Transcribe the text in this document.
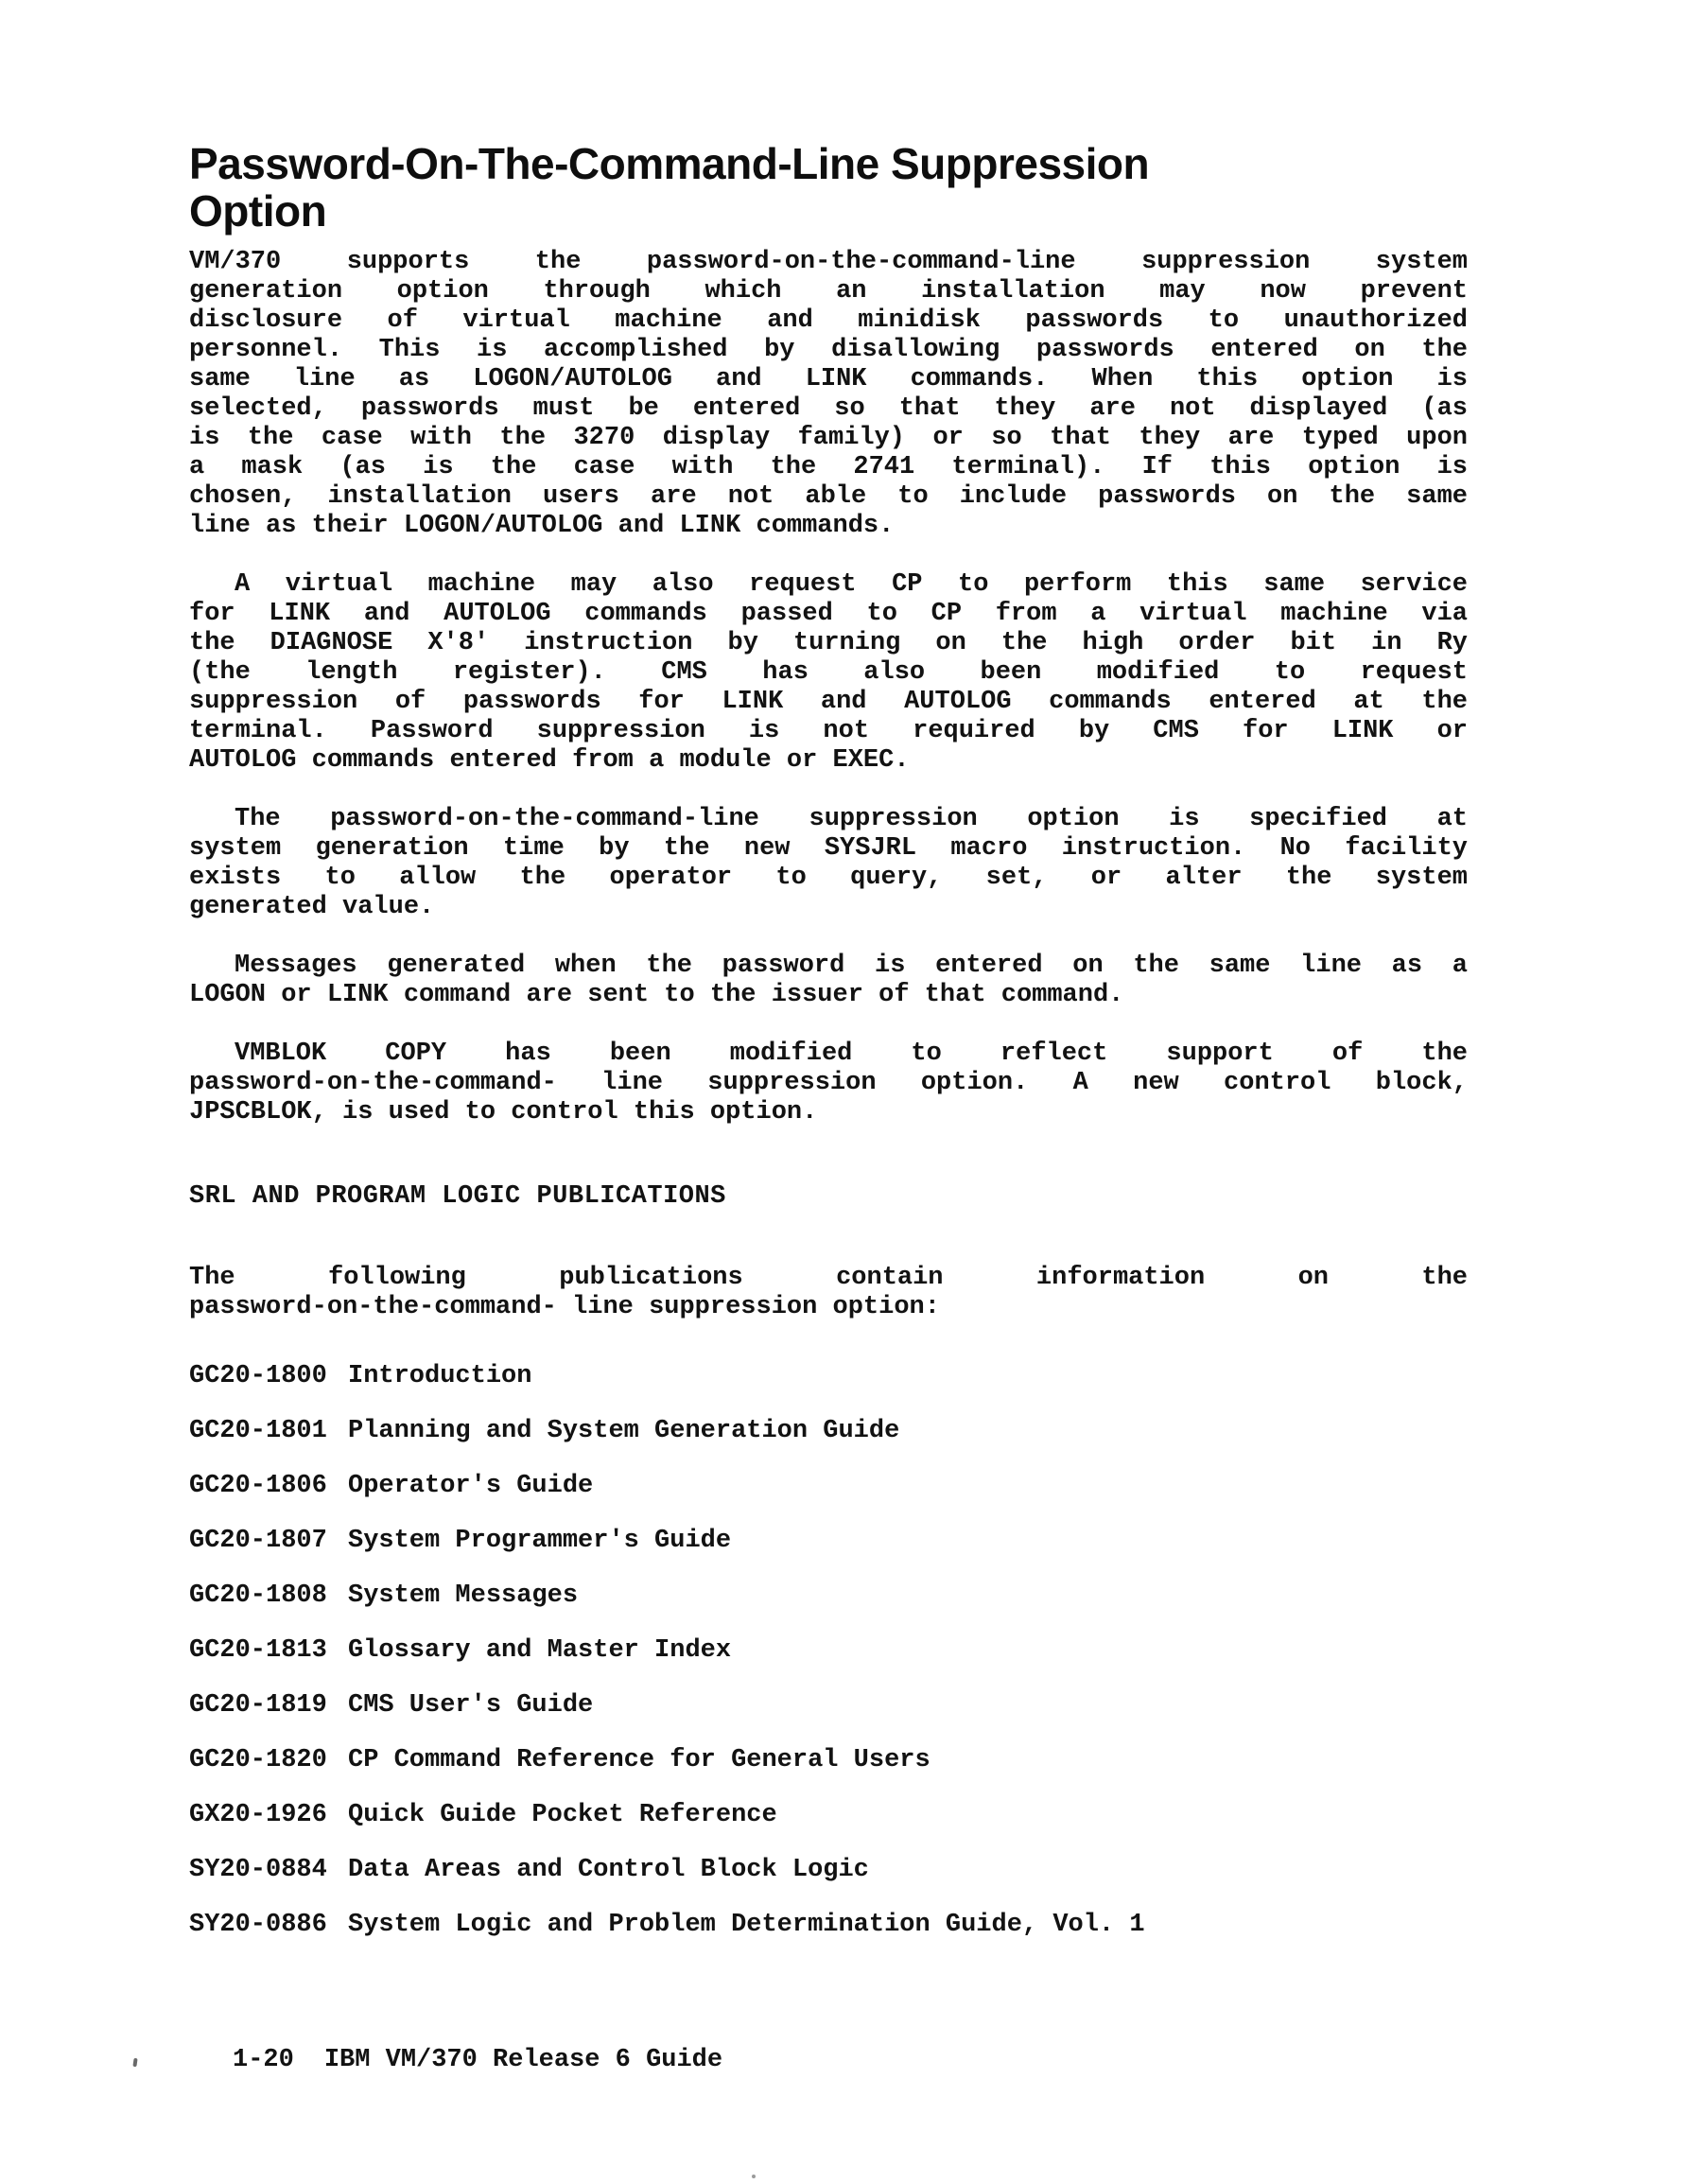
Password-On-The-Command-Line Suppression
Option
VM/370 supports the password-on-the-command-line suppression system
generation option through which an installation may now prevent
disclosure of virtual machine and minidisk passwords to unauthorized
personnel. This is accomplished by disallowing passwords entered on the
same line as LOGON/AUTOLOG and LINK commands. When this option is
selected, passwords must be entered so that they are not displayed (as
is the case with the 3270 display family) or so that they are typed upon
a mask (as is the case with the 2741 terminal). If this option is
chosen, installation users are not able to include passwords on the same
line as their LOGON/AUTOLOG and LINK commands.
A virtual machine may also request CP to perform this same service
for LINK and AUTOLOG commands passed to CP from a virtual machine via
the DIAGNOSE X'8' instruction by turning on the high order bit in Ry
(the length register). CMS has also been modified to request
suppression of passwords for LINK and AUTOLOG commands entered at the
terminal. Password suppression is not required by CMS for LINK or
AUTOLOG commands entered from a module or EXEC.
The password-on-the-command-line suppression option is specified at
system generation time by the new SYSJRL macro instruction. No facility
exists to allow the operator to query, set, or alter the system
generated value.
Messages generated when the password is entered on the same line as a
LOGON or LINK command are sent to the issuer of that command.
VMBLOK COPY has been modified to reflect support of the
password-on-the-command- line suppression option. A new control block,
JPSCBLOK, is used to control this option.
SRL AND PROGRAM LOGIC PUBLICATIONS
The following publications contain information on the
password-on-the-command- line suppression option:
GC20-1800 Introduction
GC20-1801 Planning and System Generation Guide
GC20-1806 Operator's Guide
GC20-1807 System Programmer's Guide
GC20-1808 System Messages
GC20-1813 Glossary and Master Index
GC20-1819 CMS User's Guide
GC20-1820 CP Command Reference for General Users
GX20-1926 Quick Guide Pocket Reference
SY20-0884 Data Areas and Control Block Logic
SY20-0886 System Logic and Problem Determination Guide, Vol. 1
1-20 IBM VM/370 Release 6 Guide
